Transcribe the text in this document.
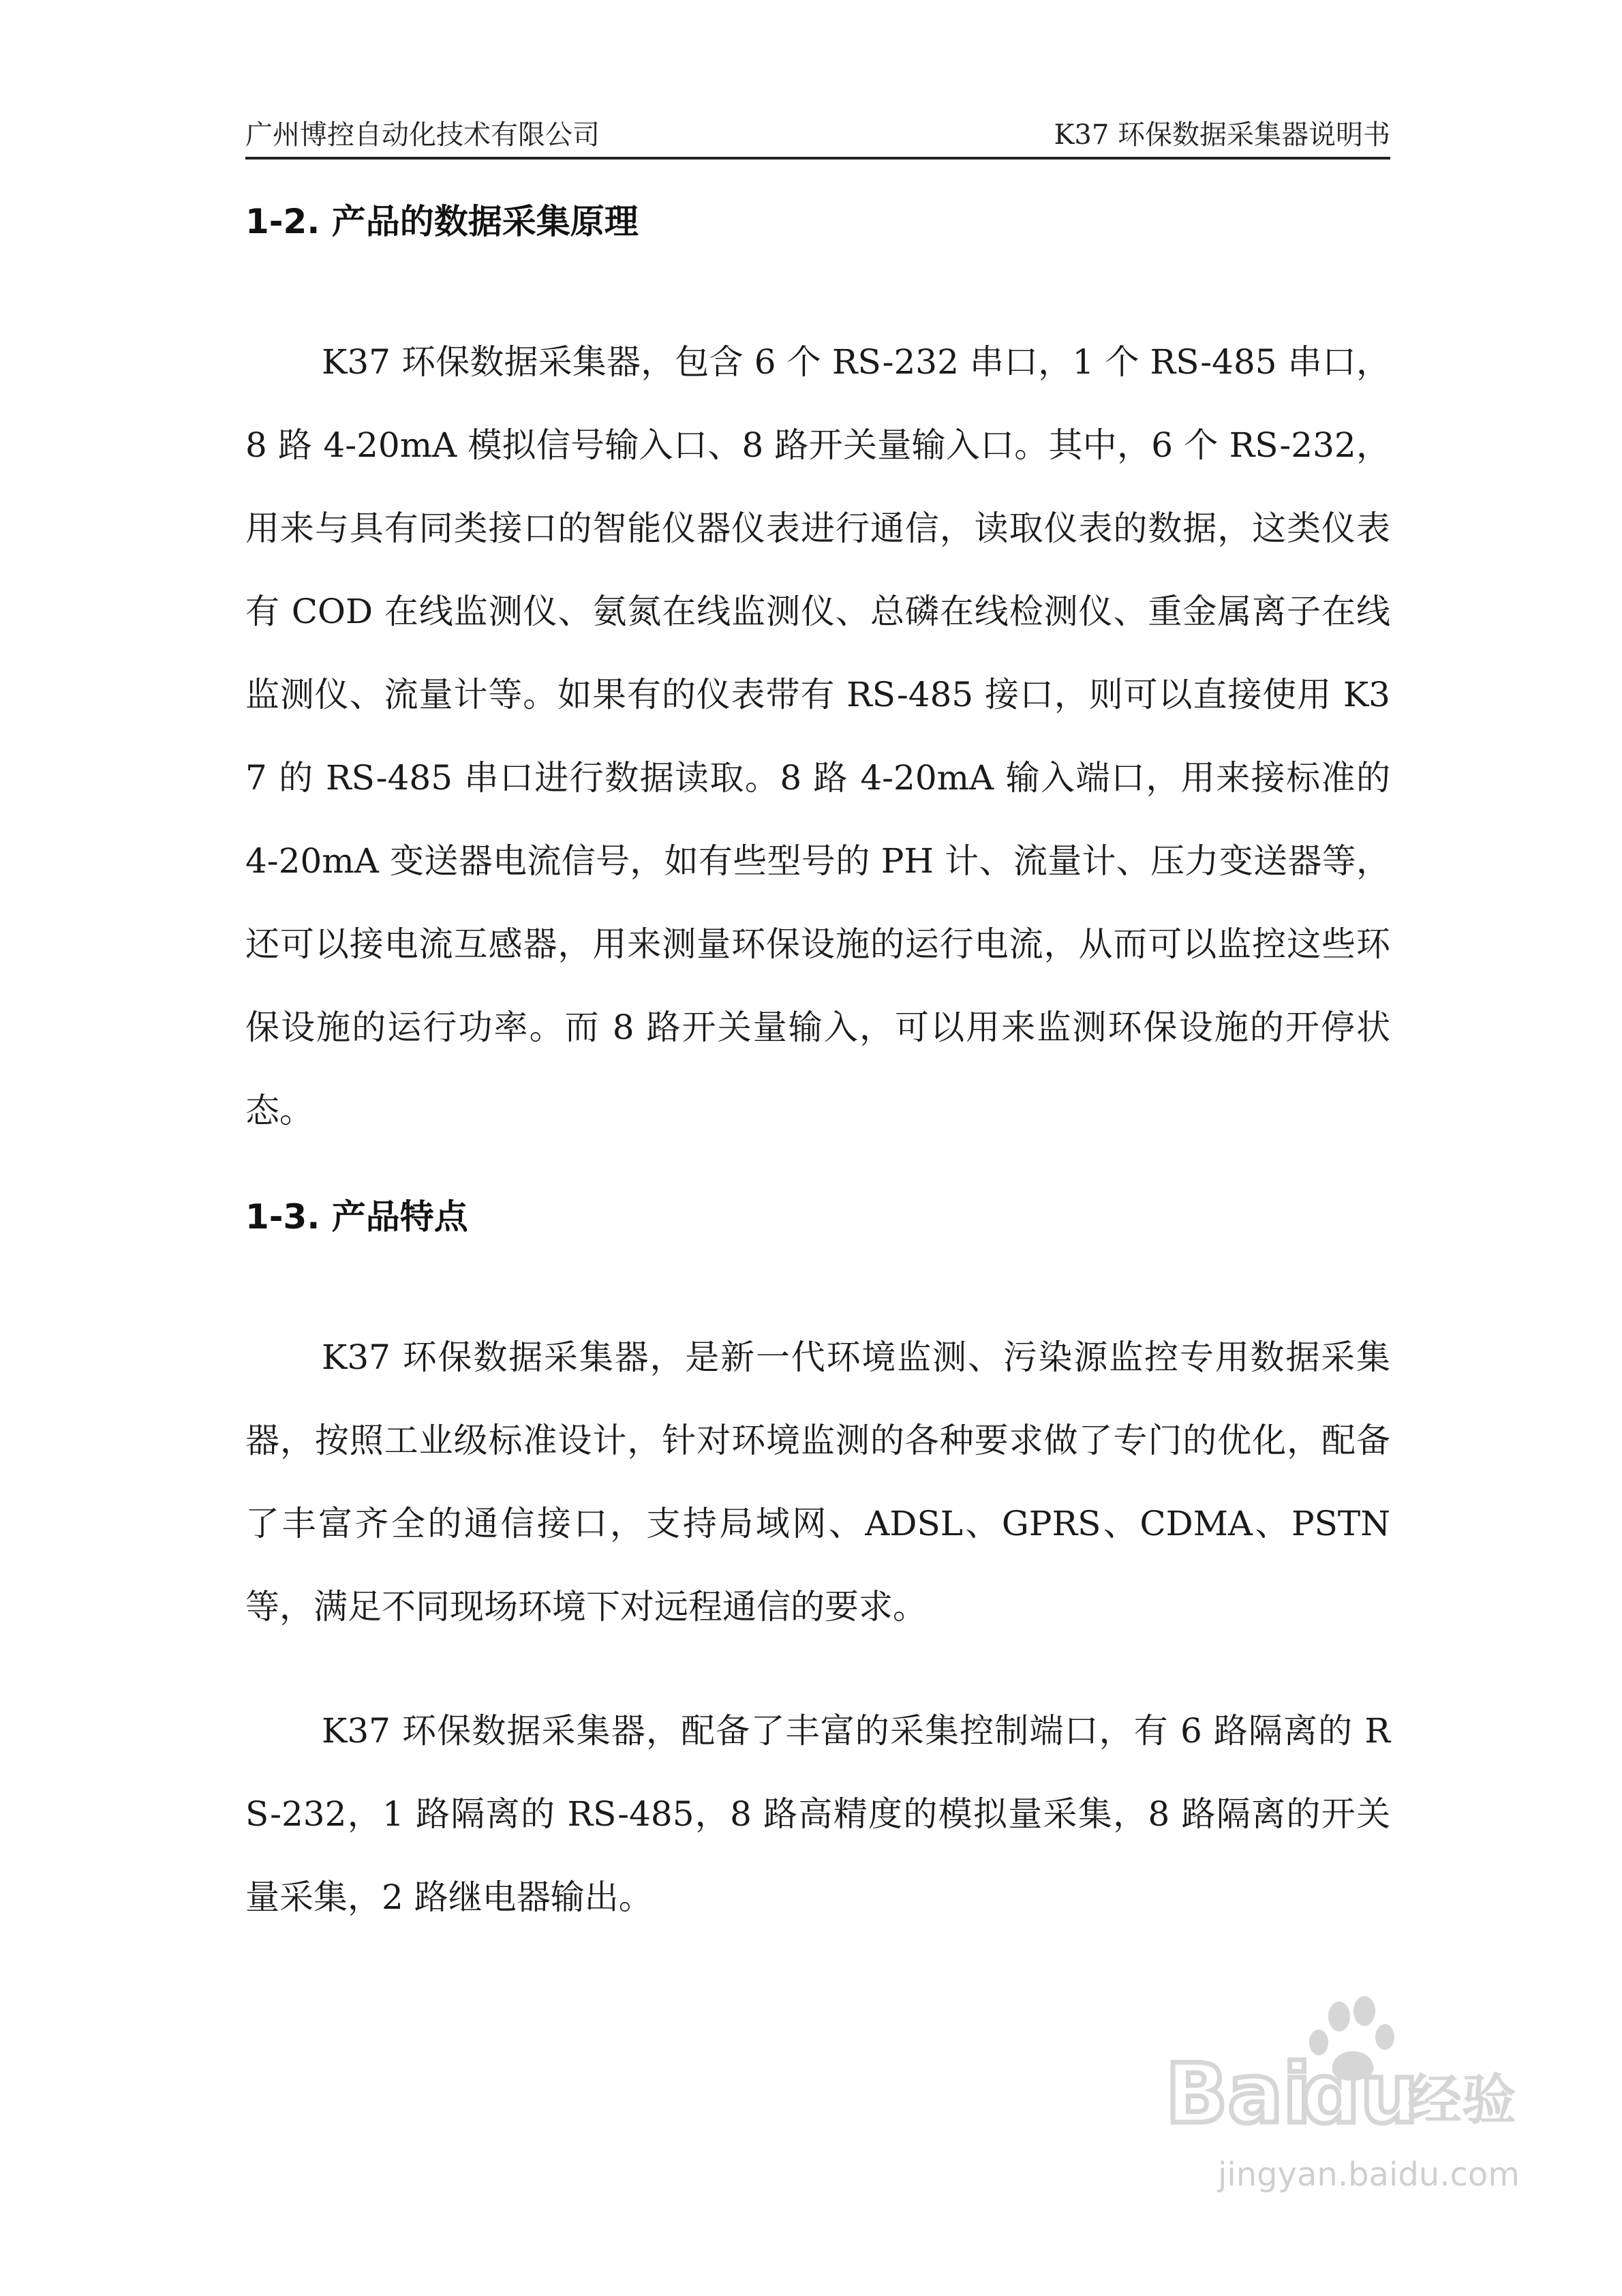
广州博控自动化技术有限公司	K37 环保数据采集器说明书
1-2. 产品的数据采集原理

K37 环保数据采集器，包含 6 个 RS-232 串口，1 个 RS-485 串口，8 路 4-20mA 模拟信号输入口、8 路开关量输入口。其中，6 个 RS-232，用来与具有同类接口的智能仪器仪表进行通信，读取仪表的数据，这类仪表有 COD 在线监测仪、氨氮在线监测仪、总磷在线检测仪、重金属离子在线监测仪、流量计等。如果有的仪表带有 RS-485 接口，则可以直接使用 K37 的 RS-485 串口进行数据读取。8 路 4-20mA 输入端口，用来接标准的 4-20mA 变送器电流信号，如有些型号的 PH 计、流量计、压力变送器等，还可以接电流互感器，用来测量环保设施的运行电流，从而可以监控这些环保设施的运行功率。而 8 路开关量输入，可以用来监测环保设施的开停状态。

1-3. 产品特点

K37 环保数据采集器，是新一代环境监测、污染源监控专用数据采集器，按照工业级标准设计，针对环境监测的各种要求做了专门的优化，配备了丰富齐全的通信接口，支持局域网、ADSL、GPRS、CDMA、PSTN 等，满足不同现场环境下对远程通信的要求。

K37 环保数据采集器，配备了丰富的采集控制端口，有 6 路隔离的 RS-232，1 路隔离的 RS-485，8 路高精度的模拟量采集，8 路隔离的开关量采集，2 路继电器输出。

Bai
du
经验
jingyan.baidu.com
